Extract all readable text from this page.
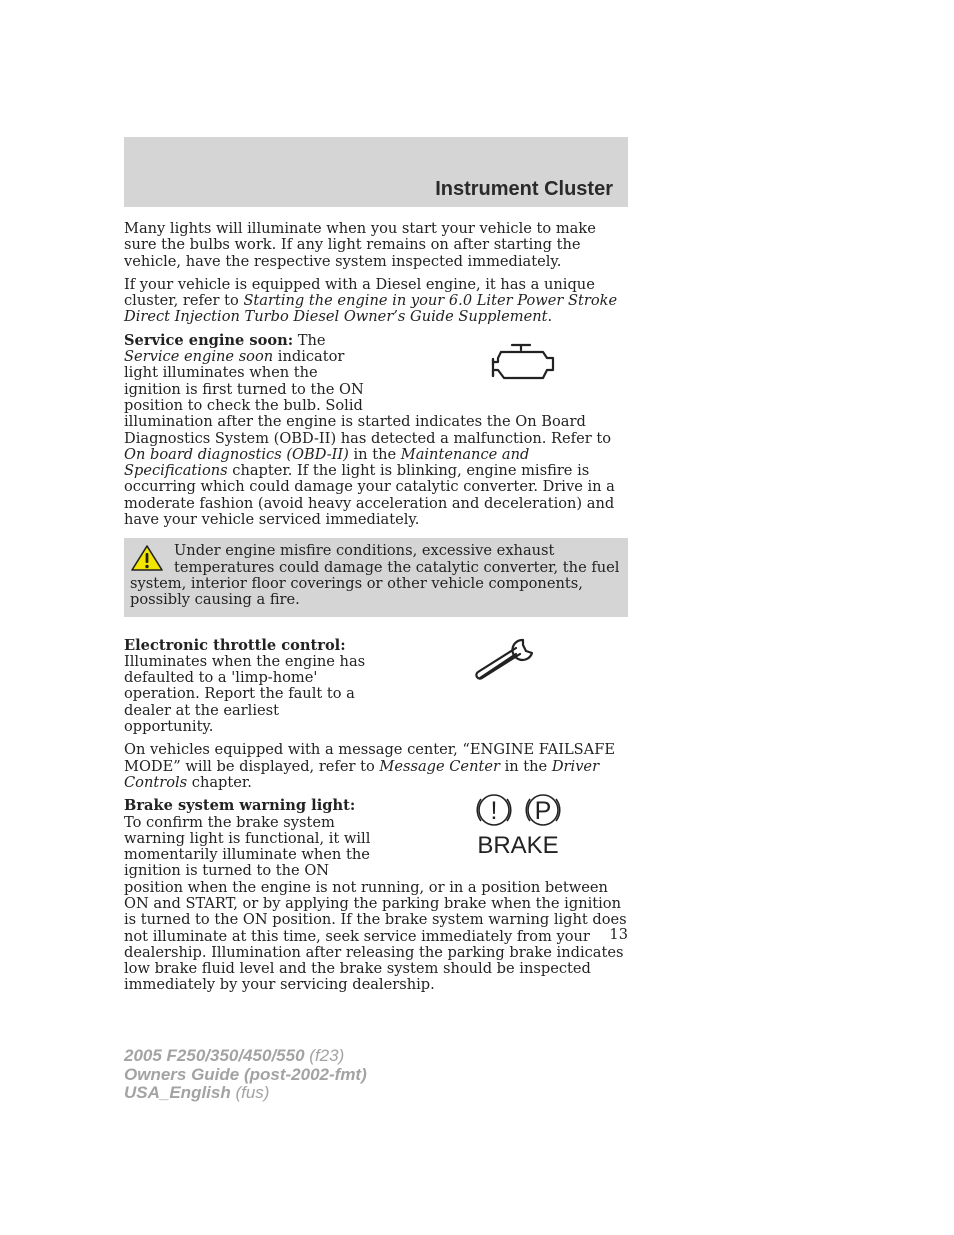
Instrument Cluster

Many lights will illuminate when you start your vehicle to make sure the bulbs work. If any light remains on after starting the vehicle, have the respective system inspected immediately.

If your vehicle is equipped with a Diesel engine, it has a unique cluster, refer to Starting the engine in your 6.0 Liter Power Stroke Direct Injection Turbo Diesel Owner’s Guide Supplement.

Service engine soon: The Service engine soon indicator light illuminates when the ignition is first turned to the ON position to check the bulb. Solid illumination after the engine is started indicates the On Board Diagnostics System (OBD-II) has detected a malfunction. Refer to On board diagnostics (OBD-II) in the Maintenance and Specifications chapter. If the light is blinking, engine misfire is occurring which could damage your catalytic converter. Drive in a moderate fashion (avoid heavy acceleration and deceleration) and have your vehicle serviced immediately.

Under engine misfire conditions, excessive exhaust temperatures could damage the catalytic converter, the fuel system, interior floor coverings or other vehicle components, possibly causing a fire.

Electronic throttle control:
Illuminates when the engine has defaulted to a 'limp-home' operation. Report the fault to a dealer at the earliest opportunity.

On vehicles equipped with a message center, “ENGINE FAILSAFE MODE” will be displayed, refer to Message Center in the Driver Controls chapter.

! P
BRAKE

Brake system warning light: To confirm the brake system warning light is functional, it will momentarily illuminate when the ignition is turned to the ON position when the engine is not running, or in a position between ON and START, or by applying the parking brake when the ignition is turned to the ON position. If the brake system warning light does not illuminate at this time, seek service immediately from your dealership. Illumination after releasing the parking brake indicates low brake fluid level and the brake system should be inspected immediately by your servicing dealership.

13
2005 F250/350/450/550 (f23)
Owners Guide (post-2002-fmt)
USA_English (fus)
